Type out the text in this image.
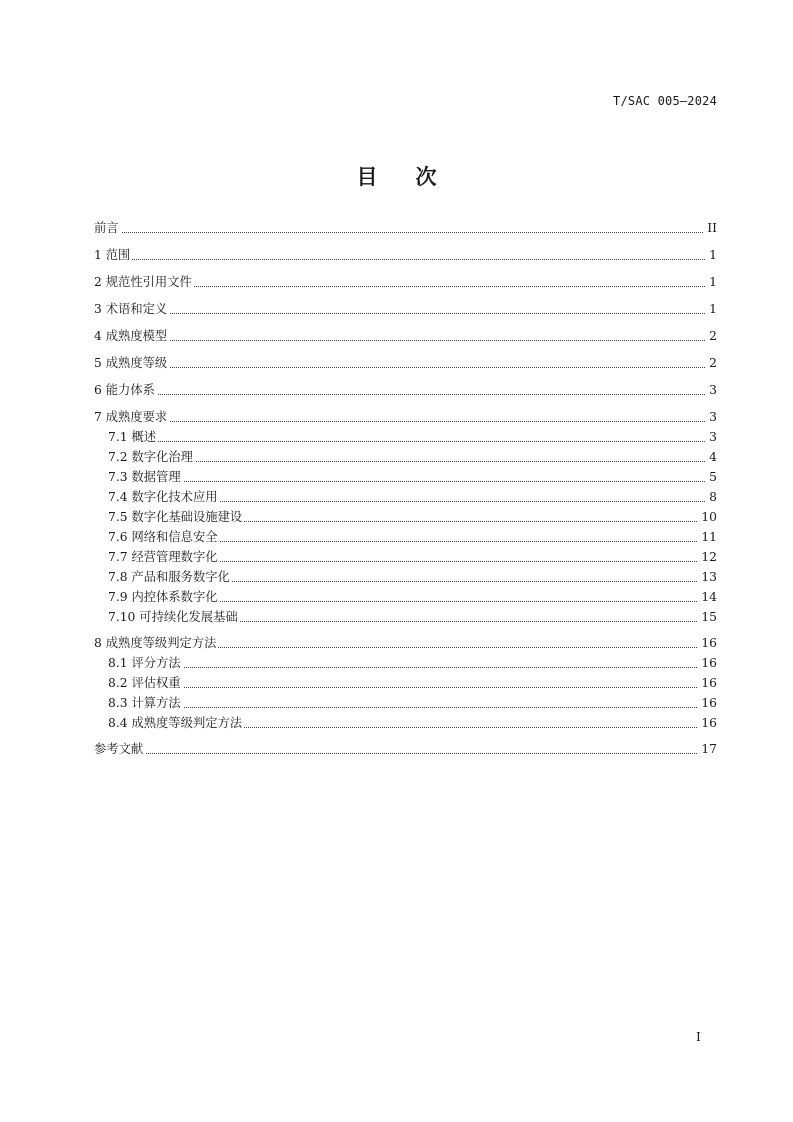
T/SAC 005—2024
目次
前言	II
1 范围	1
2 规范性引用文件	1
3 术语和定义	1
4 成熟度模型	2
5 成熟度等级	2
6 能力体系	3
7 成熟度要求	3
7.1 概述	3
7.2 数字化治理	4
7.3 数据管理	5
7.4 数字化技术应用	8
7.5 数字化基础设施建设	10
7.6 网络和信息安全	11
7.7 经营管理数字化	12
7.8 产品和服务数字化	13
7.9 内控体系数字化	14
7.10 可持续化发展基础	15
8 成熟度等级判定方法	16
8.1 评分方法	16
8.2 评估权重	16
8.3 计算方法	16
8.4 成熟度等级判定方法	16
参考文献	17
I
